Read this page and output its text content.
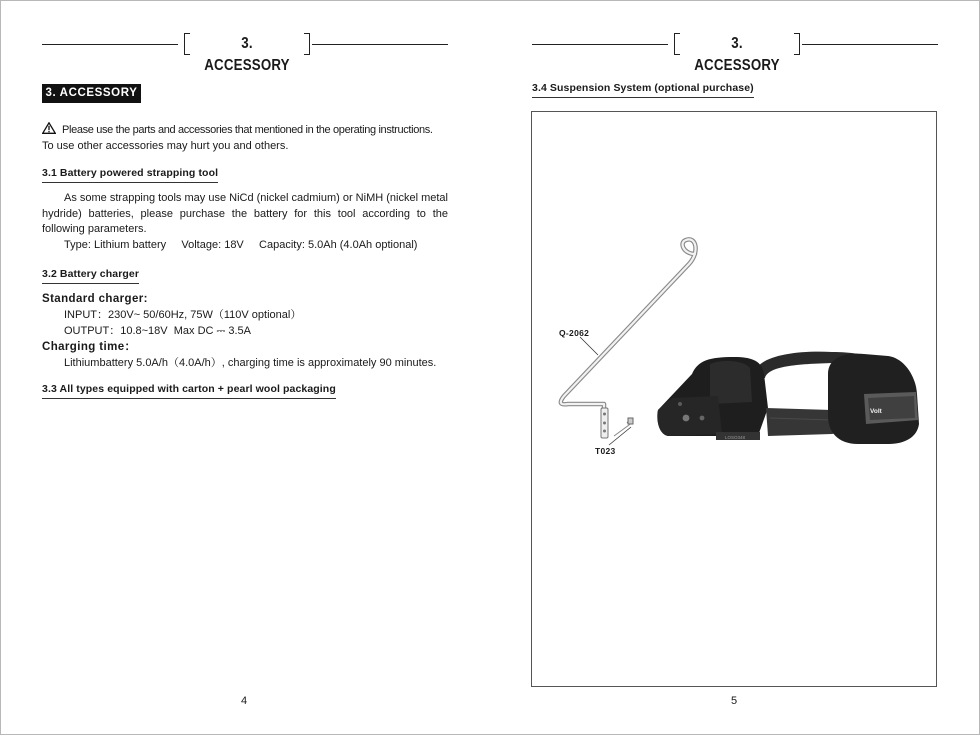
3. ACCESSORY
3. ACCESSORY
Please use the parts and accessories that mentioned in the operating instructions.
To use other accessories may hurt you and others.
3.1 Battery powered strapping tool
As some strapping tools may use NiCd (nickel cadmium) or NiMH (nickel metal hydride) batteries, please purchase the battery for this tool according to the following parameters.
Type: Lithium battery     Voltage: 18V     Capacity: 5.0Ah (4.0Ah optional)
3.2 Battery charger
Standard charger:
INPUT：230V~ 50/60Hz, 75W（110V optional）
OUTPUT：10.8~18V  Max DC ⎓ 3.5A
Charging time：
Lithiumbattery 5.0A/h（4.0A/h）, charging time is approximately 90 minutes.
3.3 All types equipped with carton + pearl wool packaging
4
3. ACCESSORY
3.4 Suspension System (optional purchase)
LOSO348
Volt
Q-2062
T023
5
